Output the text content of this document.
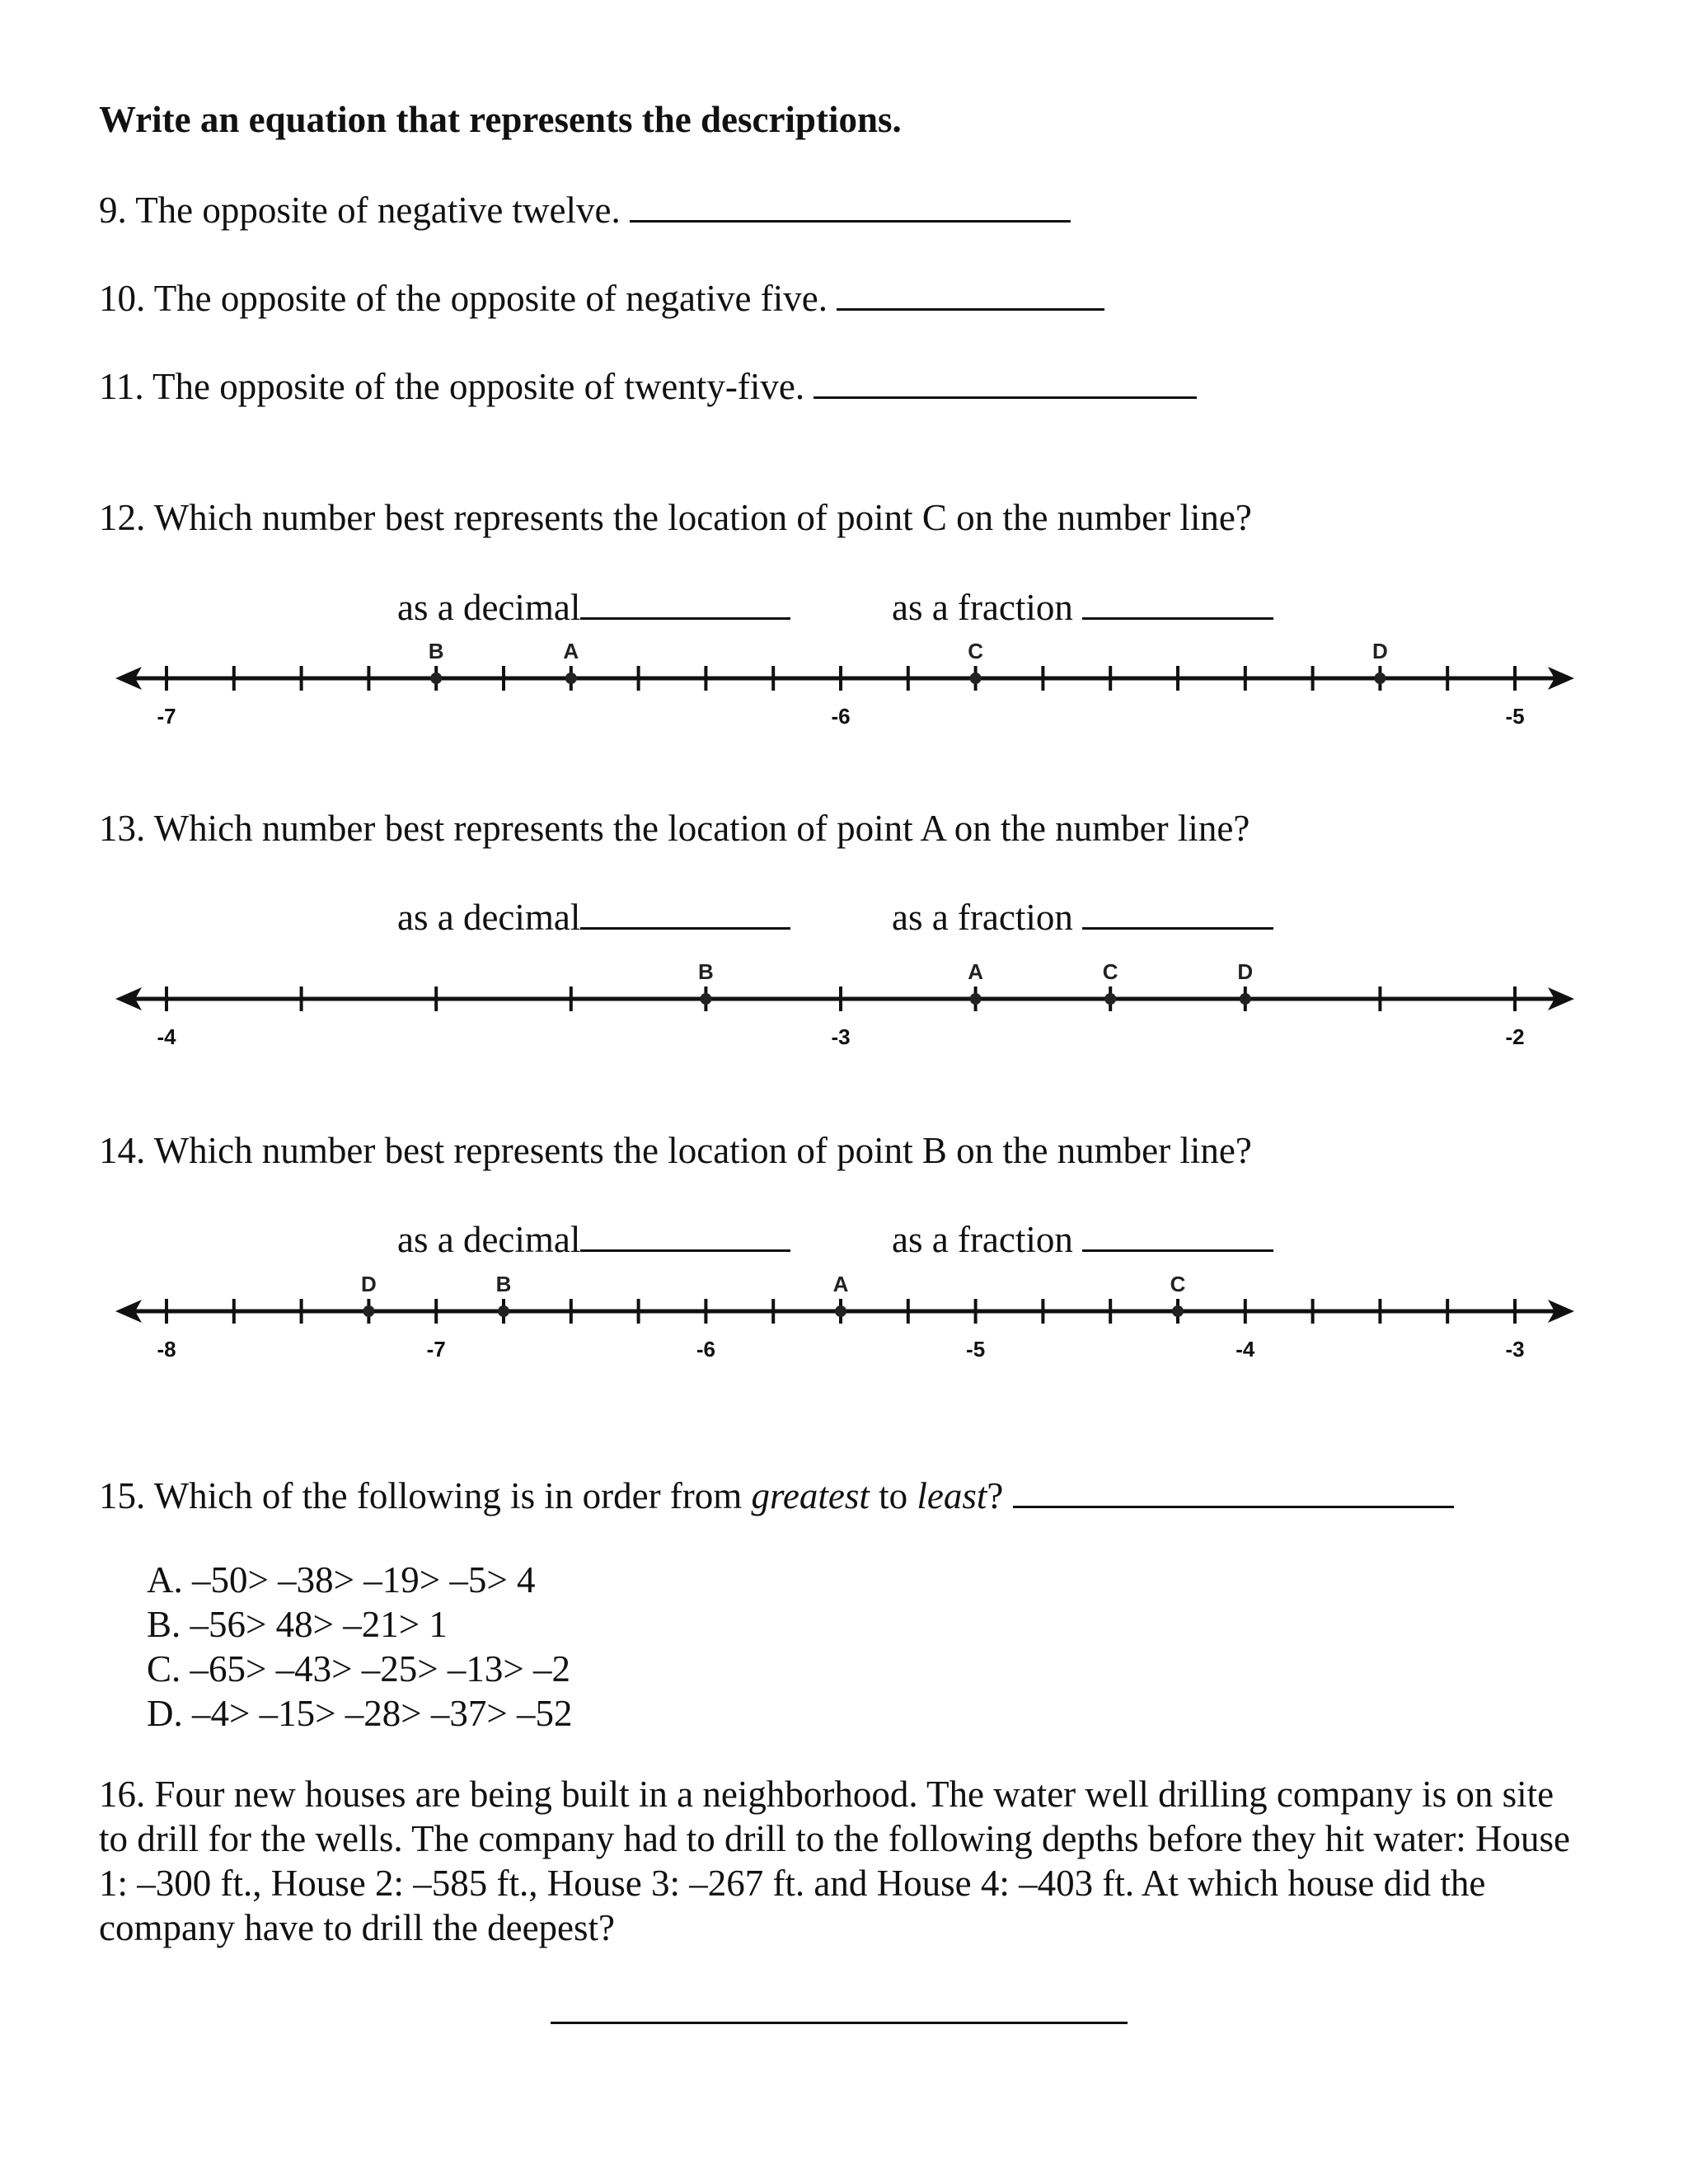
Write an equation that represents the descriptions.
9. The opposite of negative twelve.
10. The opposite of the opposite of negative five.
11. The opposite of the opposite of twenty-five.
12. Which number best represents the location of point C on the number line?
as a decimal	as a fraction
-7	-6	-5
B	A	C	D
13. Which number best represents the location of point A on the number line?
as a decimal	as a fraction
-4	-3	-2
B	A	C	D
14. Which number best represents the location of point B on the number line?
as a decimal	as a fraction
-8	-7	-6	-5	-4	-3
D	B	A	C
15. Which of the following is in order from greatest to least?
A. –50> –38> –19> –5> 4
B. –56> 48> –21> 1
C. –65> –43> –25> –13> –2
D. –4> –15> –28> –37> –52
16. Four new houses are being built in a neighborhood. The water well drilling company is on site to drill for the wells. The company had to drill to the following depths before they hit water: House 1: –300 ft., House 2: –585 ft., House 3: –267 ft. and House 4: –403 ft. At which house did the company have to drill the deepest?
